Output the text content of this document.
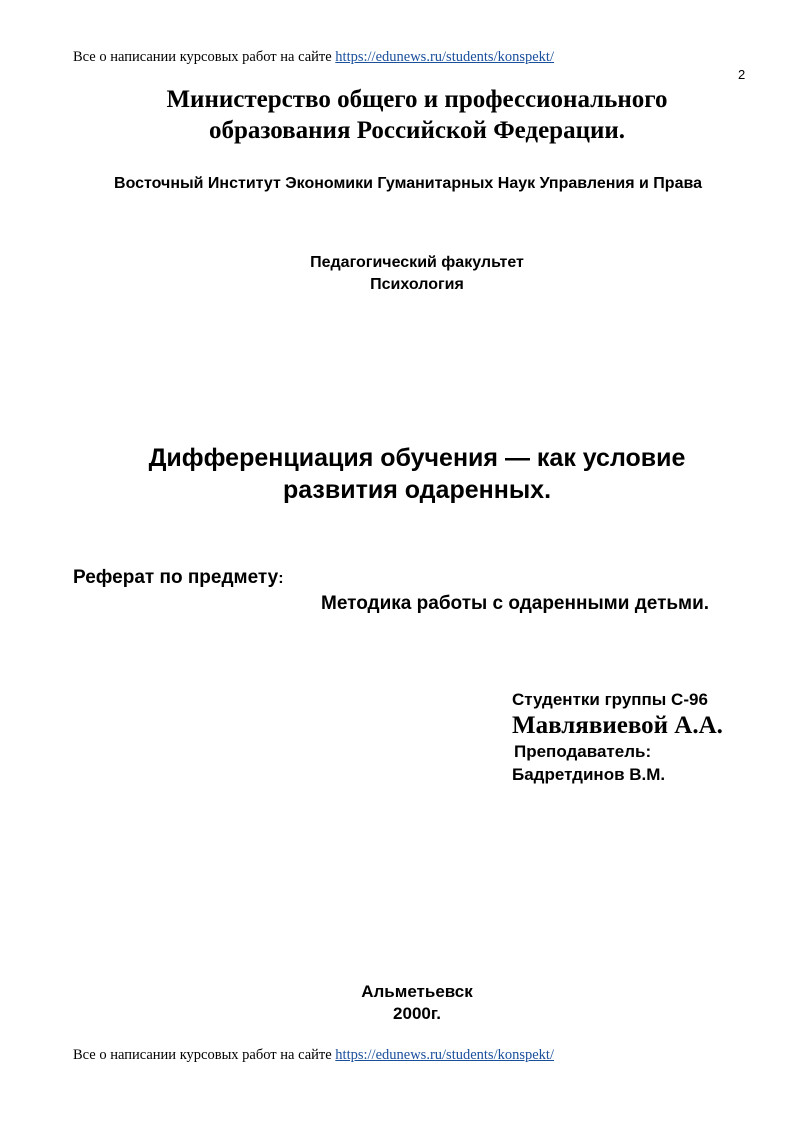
Все о написании курсовых работ на сайте https://edunews.ru/students/konspekt/
2
Министерство общего и профессионального
образования Российской Федерации.
Восточный Институт Экономики Гуманитарных Наук Управления и Права
Педагогический факультет
Психология
Дифференциация обучения — как условие
развития одаренных.
Реферат по предмету:
Методика работы с одаренными детьми.
Студентки группы С-96
Мавлявиевой А.А.
Преподаватель:
Бадретдинов В.М.
Альметьевск
2000г.
Все о написании курсовых работ на сайте https://edunews.ru/students/konspekt/
